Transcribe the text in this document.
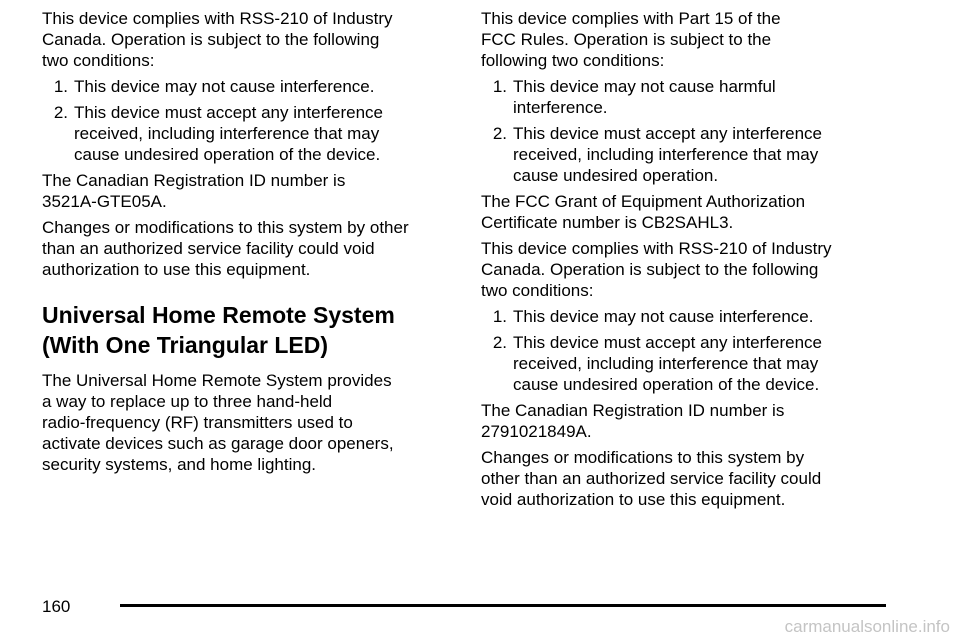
This device complies with RSS-210 of Industry
Canada. Operation is subject to the following
two conditions:

1. This device may not cause interference.
2. This device must accept any interference
received, including interference that may
cause undesired operation of the device.

The Canadian Registration ID number is
3521A-GTE05A.

Changes or modifications to this system by other
than an authorized service facility could void
authorization to use this equipment.

Universal Home Remote System
(With One Triangular LED)

The Universal Home Remote System provides
a way to replace up to three hand-held
radio-frequency (RF) transmitters used to
activate devices such as garage door openers,
security systems, and home lighting.

This device complies with Part 15 of the
FCC Rules. Operation is subject to the
following two conditions:

1. This device may not cause harmful
interference.
2. This device must accept any interference
received, including interference that may
cause undesired operation.

The FCC Grant of Equipment Authorization
Certificate number is CB2SAHL3.

This device complies with RSS-210 of Industry
Canada. Operation is subject to the following
two conditions:

1. This device may not cause interference.
2. This device must accept any interference
received, including interference that may
cause undesired operation of the device.

The Canadian Registration ID number is
2791021849A.

Changes or modifications to this system by
other than an authorized service facility could
void authorization to use this equipment.

160
carmanualsonline.info
